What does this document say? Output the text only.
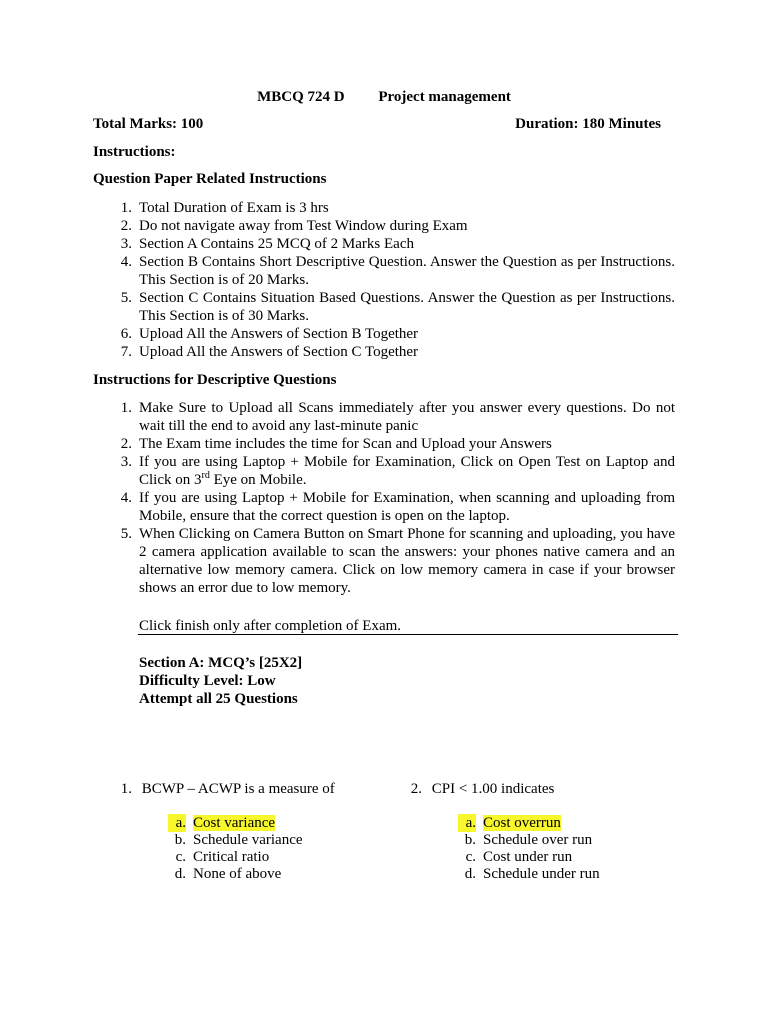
MBCQ 724 D Project management
Total Marks: 100	Duration: 180 Minutes
Instructions:
Question Paper Related Instructions
1. Total Duration of Exam is 3 hrs
2. Do not navigate away from Test Window during Exam
3. Section A Contains 25 MCQ of 2 Marks Each
4. Section B Contains Short Descriptive Question. Answer the Question as per Instructions. This Section is of 20 Marks.
5. Section C Contains Situation Based Questions. Answer the Question as per Instructions. This Section is of 30 Marks.
6. Upload All the Answers of Section B Together
7. Upload All the Answers of Section C Together
Instructions for Descriptive Questions
1. Make Sure to Upload all Scans immediately after you answer every questions. Do not wait till the end to avoid any last-minute panic
2. The Exam time includes the time for Scan and Upload your Answers
3. If you are using Laptop + Mobile for Examination, Click on Open Test on Laptop and Click on 3rd Eye on Mobile.
4. If you are using Laptop + Mobile for Examination, when scanning and uploading from Mobile, ensure that the correct question is open on the laptop.
5. When Clicking on Camera Button on Smart Phone for scanning and uploading, you have 2 camera application available to scan the answers: your phones native camera and an alternative low memory camera. Click on low memory camera in case if your browser shows an error due to low memory.
Click finish only after completion of Exam.
Section A: MCQ’s [25X2]
Difficulty Level: Low
Attempt all 25 Questions
1. BCWP – ACWP is a measure of
a. Cost variance
b. Schedule variance
c. Critical ratio
d. None of above
2. CPI < 1.00 indicates
a. Cost overrun
b. Schedule over run
c. Cost under run
d. Schedule under run
